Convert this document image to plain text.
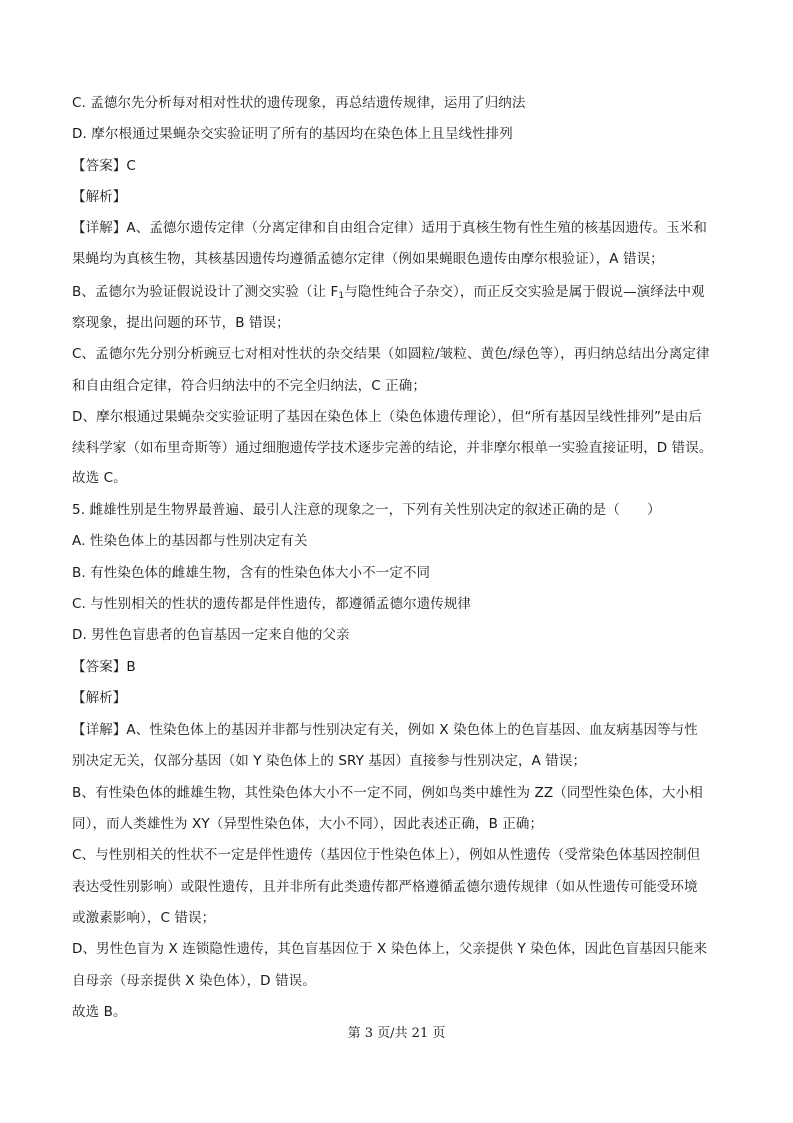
C. 孟德尔先分析每对相对性状的遗传现象，再总结遗传规律，运用了归纳法
D. 摩尔根通过果蝇杂交实验证明了所有的基因均在染色体上且呈线性排列
【答案】C
【解析】
【详解】A、孟德尔遗传定律（分离定律和自由组合定律）适用于真核生物有性生殖的核基因遗传。玉米和
果蝇均为真核生物，其核基因遗传均遵循孟德尔定律（例如果蝇眼色遗传由摩尔根验证），A 错误；
B、孟德尔为验证假说设计了测交实验（让 $F_1$与隐性纯合子杂交），而正反交实验是属于假说—演绎法中观
察现象，提出问题的环节，B 错误；
C、孟德尔先分别分析豌豆七对相对性状的杂交结果（如圆粒/皱粒、黄色/绿色等），再归纳总结出分离定律
和自由组合定律，符合归纳法中的不完全归纳法，C 正确；
D、摩尔根通过果蝇杂交实验证明了基因在染色体上（染色体遗传理论），但“所有基因呈线性排列”是由后
续科学家（如布里奇斯等）通过细胞遗传学技术逐步完善的结论，并非摩尔根单一实验直接证明，D 错误。
故选 C。
5. 雌雄性别是生物界最普遍、最引人注意的现象之一，下列有关性别决定的叙述正确的是（　　）
A. 性染色体上的基因都与性别决定有关
B. 有性染色体的雌雄生物，含有的性染色体大小不一定不同
C. 与性别相关的性状的遗传都是伴性遗传，都遵循孟德尔遗传规律
D. 男性色盲患者的色盲基因一定来自他的父亲
【答案】B
【解析】
【详解】A、性染色体上的基因并非都与性别决定有关，例如 X 染色体上的色盲基因、血友病基因等与性
别决定无关，仅部分基因（如 Y 染色体上的 SRY 基因）直接参与性别决定，A 错误；
B、有性染色体的雌雄生物，其性染色体大小不一定不同，例如鸟类中雄性为 ZZ（同型性染色体，大小相
同），而人类雄性为 XY（异型性染色体，大小不同），因此表述正确，B 正确；
C、与性别相关的性状不一定是伴性遗传（基因位于性染色体上），例如从性遗传（受常染色体基因控制但
表达受性别影响）或限性遗传，且并非所有此类遗传都严格遵循孟德尔遗传规律（如从性遗传可能受环境
或激素影响），C 错误；
D、男性色盲为 X 连锁隐性遗传，其色盲基因位于 X 染色体上，父亲提供 Y 染色体，因此色盲基因只能来
自母亲（母亲提供 X 染色体），D 错误。
故选 B。
第 3 页/共 21 页
